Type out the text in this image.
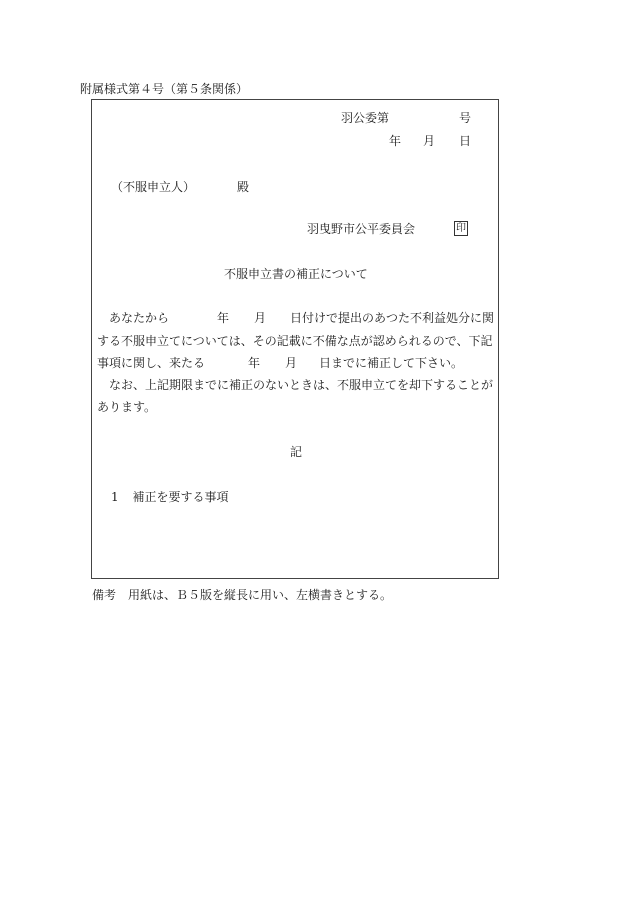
附属様式第４号（第５条関係）
羽公委第	号
年 月 日
（不服申立人）	殿
羽曳野市公平委員会	印
不服申立書の補正について
あなたから	年 月 日付けで提出のあつた不利益処分に関
する不服申立てについては、その記載に不備な点が認められるので、下記
事項に関し、来たる	年 月 日までに補正して下さい。
なお、上記期限までに補正のないときは、不服申立てを却下することが
あります。
記
1 補正を要する事項
備考　用紙は、Ｂ５版を縦長に用い、左横書きとする。
